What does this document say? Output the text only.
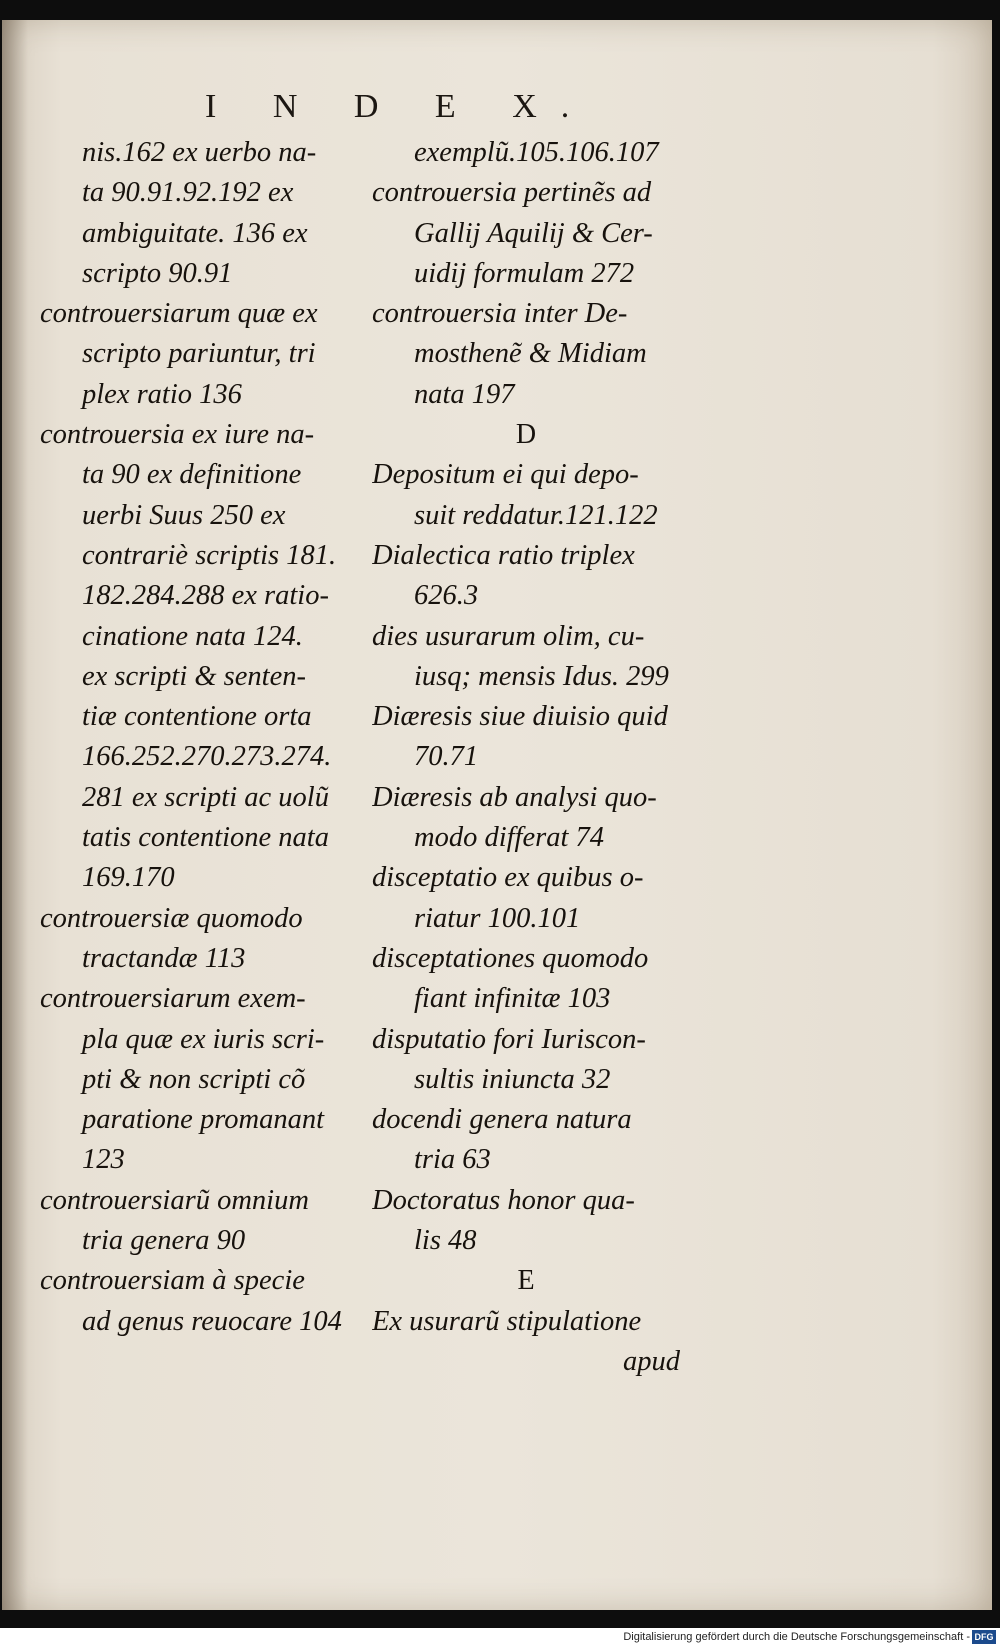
I N D E X.
nis.162 ex uerbo na-
ta 90.91.92.192 ex
ambiguitate. 136 ex
scripto 90.91
controuersiarum quæ ex
scripto pariuntur, tri
plex ratio 136
controuersia ex iure na-
ta 90 ex definitione
uerbi Suus 250 ex
contrariè scriptis 181.
182.284.288 ex ratio-
cinatione nata 124.
ex scripti & senten-
tiæ contentione orta
166.252.270.273.274.
281 ex scripti ac uolũ
tatis contentione nata
169.170
controuersiæ quomodo
tractandæ 113
controuersiarum exem-
pla quæ ex iuris scri-
pti & non scripti cõ
paratione promanant
123
controuersiarũ omnium
tria genera 90
controuersiam à specie
ad genus reuocare 104
exemplũ.105.106.107
controuersia pertinẽs ad
Gallij Aquilij & Cer-
uidij formulam 272
controuersia inter De-
mosthenẽ & Midiam
nata 197
D
Depositum ei qui depo-
suit reddatur.121.122
Dialectica ratio triplex
626.3
dies usurarum olim, cu-
iusq; mensis Idus. 299
Diæresis siue diuisio quid
70.71
Diæresis ab analysi quo-
modo differat 74
disceptatio ex quibus o-
riatur 100.101
disceptationes quomodo
fiant infinitæ 103
disputatio fori Iuriscon-
sultis iniuncta 32
docendi genera natura
tria 63
Doctoratus honor qua-
lis 48
E
Ex usurarũ stipulatione
apud
Digitalisierung gefördert durch die Deutsche Forschungsgemeinschaft - DFG
